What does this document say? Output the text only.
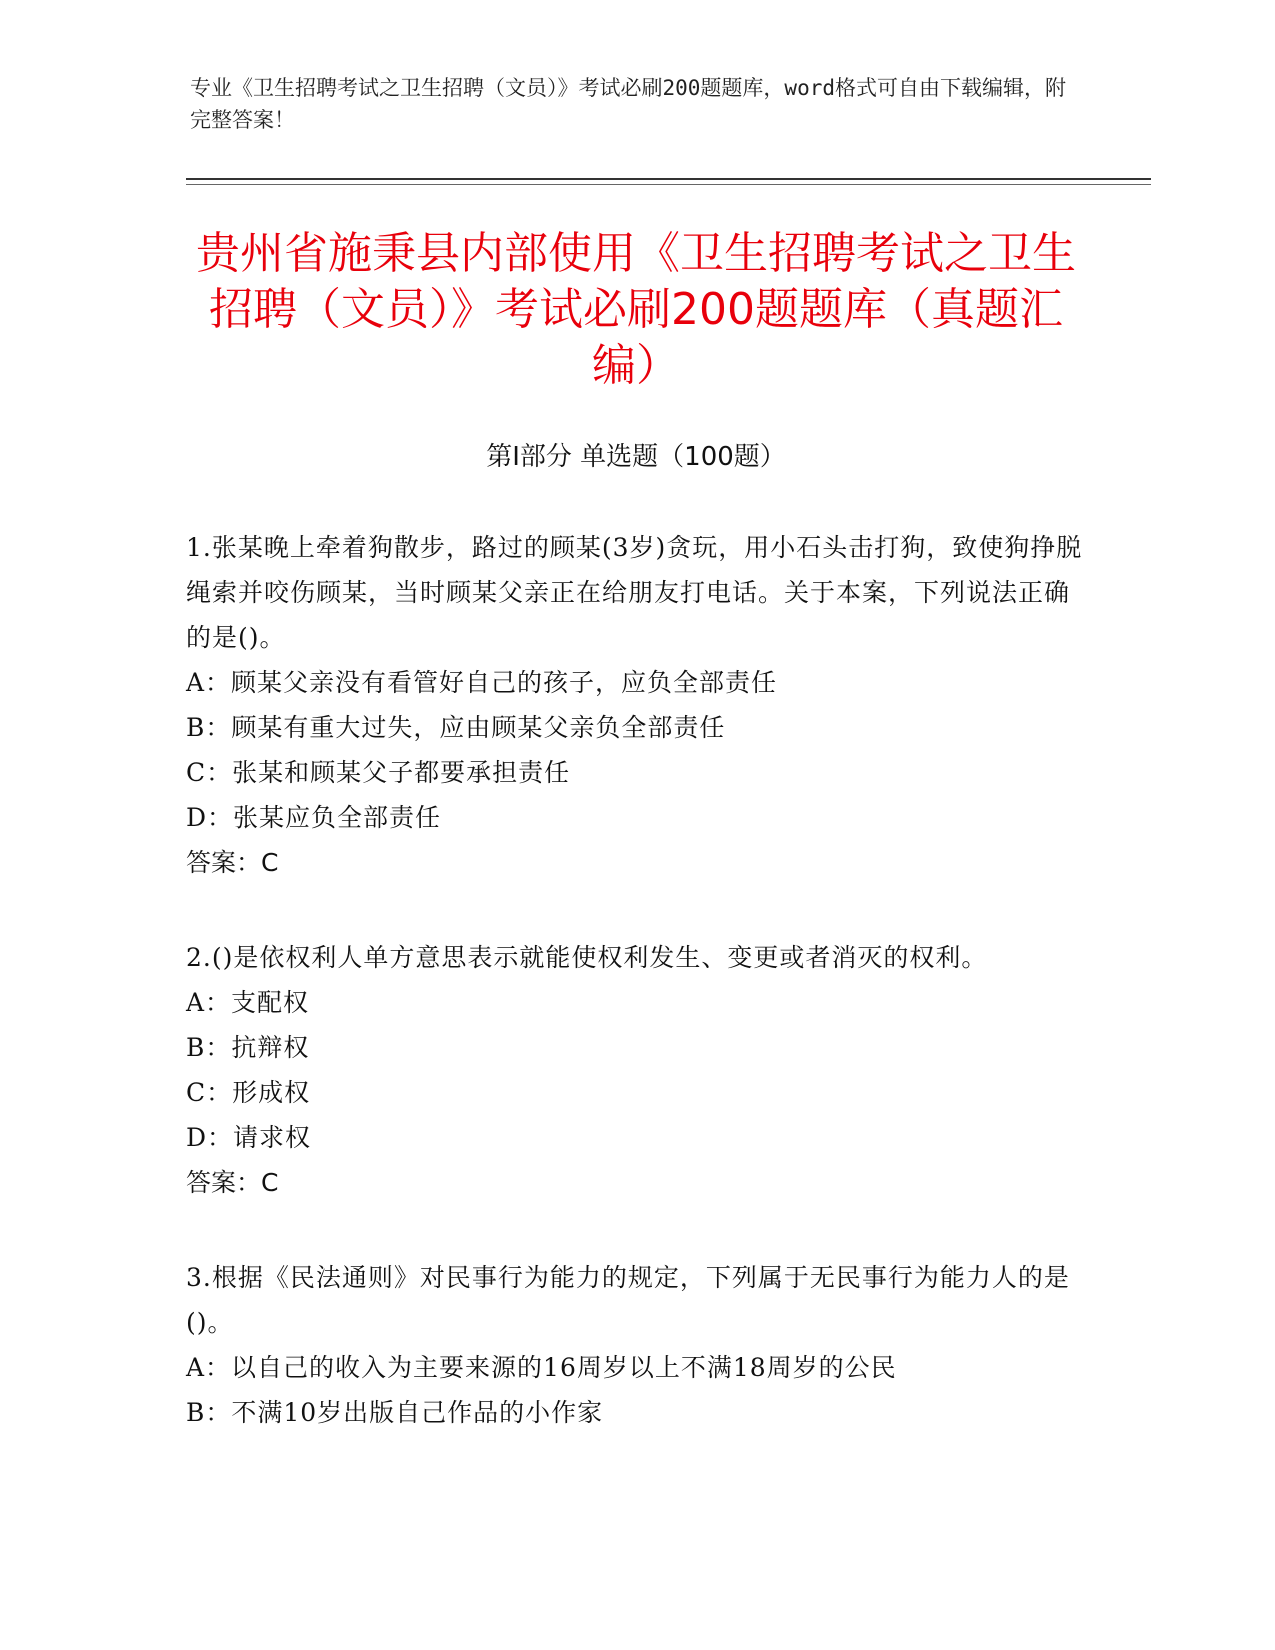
专业《卫生招聘考试之卫生招聘（文员）》考试必刷200题题库，word格式可自由下载编辑，附完整答案！
贵州省施秉县内部使用《卫生招聘考试之卫生招聘（文员）》考试必刷200题题库（真题汇编）
第I部分 单选题（100题）

1.张某晚上牵着狗散步，路过的顾某(3岁)贪玩，用小石头击打狗，致使狗挣脱绳索并咬伤顾某，当时顾某父亲正在给朋友打电话。关于本案，下列说法正确的是()。

A：顾某父亲没有看管好自己的孩子，应负全部责任

B：顾某有重大过失，应由顾某父亲负全部责任

C：张某和顾某父子都要承担责任

D：张某应负全部责任

答案：C

2.()是依权利人单方意思表示就能使权利发生、变更或者消灭的权利。

A：支配权

B：抗辩权

C：形成权

D：请求权

答案：C

3.根据《民法通则》对民事行为能力的规定，下列属于无民事行为能力人的是()。

A：以自己的收入为主要来源的16周岁以上不满18周岁的公民

B：不满10岁出版自己作品的小作家
